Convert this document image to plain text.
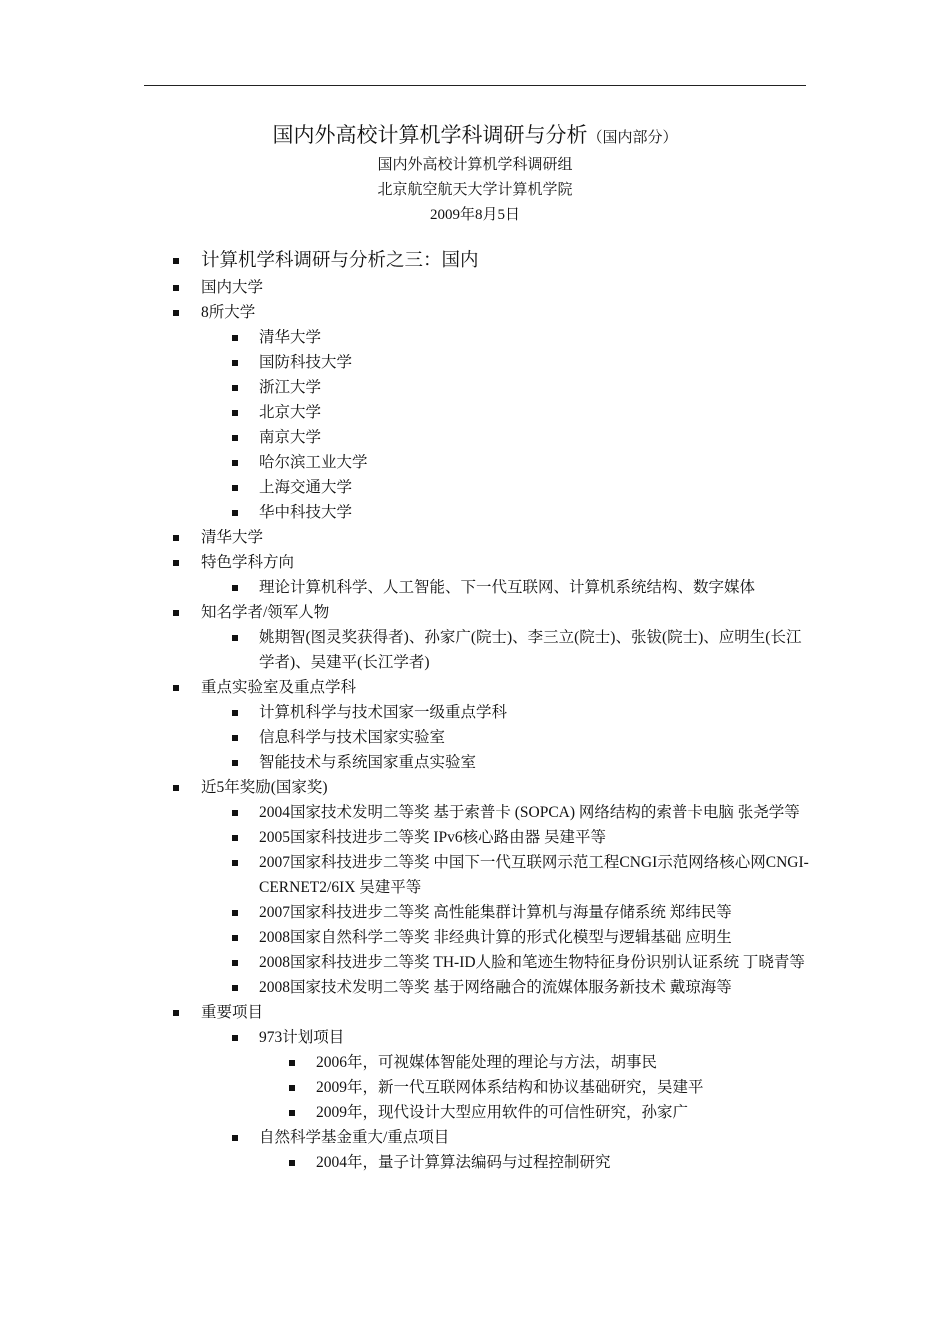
国内外高校计算机学科调研与分析（国内部分）

国内外高校计算机学科调研组

北京航空航天大学计算机学院

2009年8月5日

计算机学科调研与分析之三：国内
国内大学
8所大学
清华大学
国防科技大学
浙江大学
北京大学
南京大学
哈尔滨工业大学
上海交通大学
华中科技大学
清华大学
特色学科方向
理论计算机科学、人工智能、下一代互联网、计算机系统结构、数字媒体
知名学者/领军人物
姚期智(图灵奖获得者)、孙家广(院士)、李三立(院士)、张钹(院士)、应明生(长江学者)、吴建平(长江学者)
重点实验室及重点学科
计算机科学与技术国家一级重点学科
信息科学与技术国家实验室
智能技术与系统国家重点实验室
近5年奖励(国家奖)
2004国家技术发明二等奖 基于索普卡 (SOPCA) 网络结构的索普卡电脑 张尧学等
2005国家科技进步二等奖 IPv6核心路由器 吴建平等
2007国家科技进步二等奖 中国下一代互联网示范工程CNGI示范网络核心网CNGI-CERNET2/6IX 吴建平等
2007国家科技进步二等奖 高性能集群计算机与海量存储系统 郑纬民等
2008国家自然科学二等奖 非经典计算的形式化模型与逻辑基础 应明生
2008国家科技进步二等奖 TH-ID人脸和笔迹生物特征身份识别认证系统 丁晓青等
2008国家技术发明二等奖 基于网络融合的流媒体服务新技术 戴琼海等
重要项目
973计划项目
2006年，可视媒体智能处理的理论与方法，胡事民
2009年，新一代互联网体系结构和协议基础研究，吴建平
2009年，现代设计大型应用软件的可信性研究，孙家广
自然科学基金重大/重点项目
2004年，量子计算算法编码与过程控制研究
